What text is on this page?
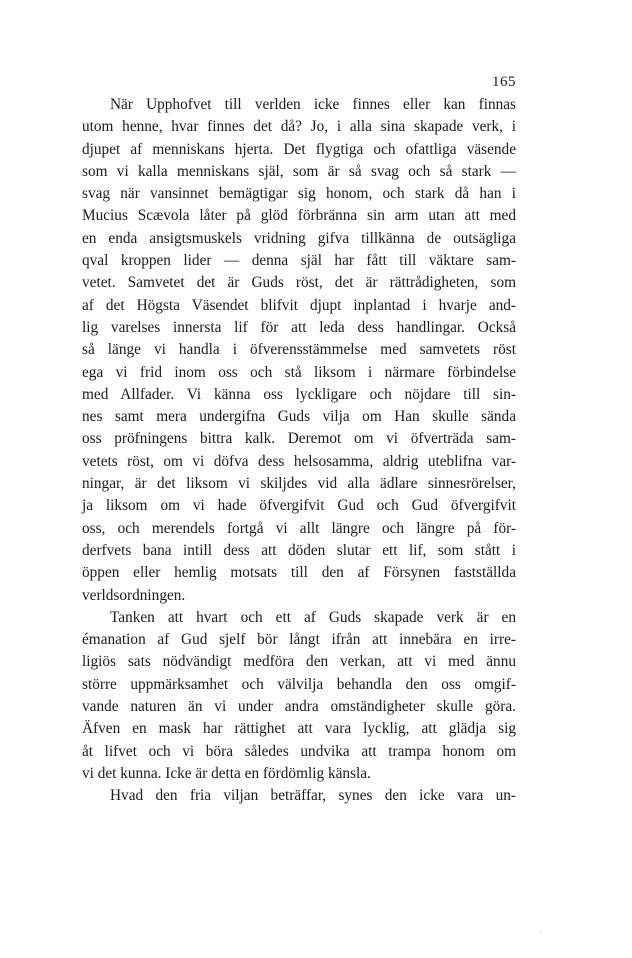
165
När Upphofvet till verlden icke finnes eller kan finnas
utom henne, hvar finnes det då? Jo, i alla sina skapade verk, i
djupet af menniskans hjerta. Det flygtiga och ofattliga väsende
som vi kalla menniskans själ, som är så svag och så stark —
svag när vansinnet bemägtigar sig honom, och stark då han i
Mucius Scævola låter på glöd förbränna sin arm utan att med
en enda ansigtsmuskels vridning gifva tillkänna de outsägliga
qval kroppen lider — denna själ har fått till väktare sam-
vetet. Samvetet det är Guds röst, det är rättrådigheten, som
af det Högsta Väsendet blifvit djupt inplantad i hvarje and-
lig varelses innersta lif för att leda dess handlingar. Också
så länge vi handla i öfverensstämmelse med samvetets röst
ega vi frid inom oss och stå liksom i närmare förbindelse
med Allfader. Vi känna oss lyckligare och nöjdare till sin-
nes samt mera undergifna Guds vilja om Han skulle sända
oss pröfningens bittra kalk. Deremot om vi öfverträda sam-
vetets röst, om vi döfva dess helsosamma, aldrig uteblifna var-
ningar, är det liksom vi skiljdes vid alla ädlare sinnesrörelser,
ja liksom om vi hade öfvergifvit Gud och Gud öfvergifvit
oss, och merendels fortgå vi allt längre och längre på för-
derfvets bana intill dess att döden slutar ett lif, som stått i
öppen eller hemlig motsats till den af Försynen fastställda
verldsordningen.
Tanken att hvart och ett af Guds skapade verk är en
émanation af Gud sjelf bör långt ifrån att innebära en irre-
ligiös sats nödvändigt medföra den verkan, att vi med ännu
större uppmärksamhet och välvilja behandla den oss omgif-
vande naturen än vi under andra omständigheter skulle göra.
Äfven en mask har rättighet att vara lycklig, att glädja sig
åt lifvet och vi böra således undvika att trampa honom om
vi det kunna. Icke är detta en fördömlig känsla.
Hvad den fria viljan beträffar, synes den icke vara un-
